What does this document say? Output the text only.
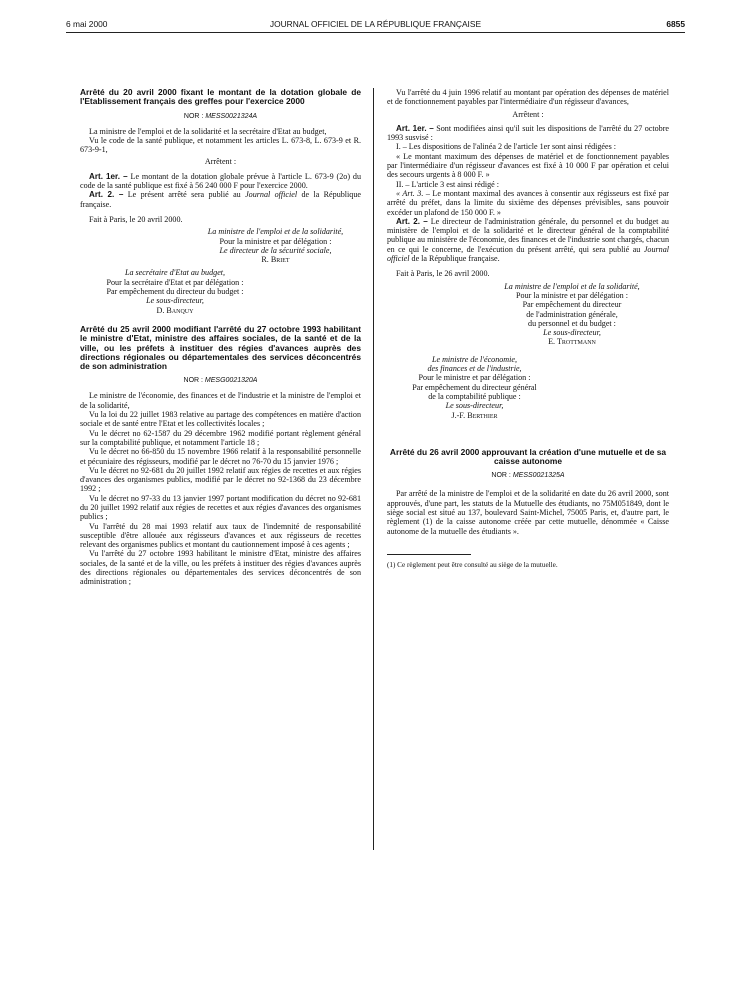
6 mai 2000	JOURNAL OFFICIEL DE LA RÉPUBLIQUE FRANÇAISE	6855
Arrêté du 20 avril 2000 fixant le montant de la dotation globale de l'Etablissement français des greffes pour l'exercice 2000
NOR : MESS0021324A

La ministre de l'emploi et de la solidarité et la secrétaire d'Etat au budget,

Vu le code de la santé publique, et notamment les articles L. 673-8, L. 673-9 et R. 673-9-1,

Arrêtent :

Art. 1er. – Le montant de la dotation globale prévue à l'article L. 673-9 (2o) du code de la santé publique est fixé à 56 240 000 F pour l'exercice 2000.

Art. 2. – Le présent arrêté sera publié au Journal officiel de la République française.

Fait à Paris, le 20 avril 2000.

La ministre de l'emploi et de la solidarité,
Pour la ministre et par délégation :
Le directeur de la sécurité sociale,
R. Briet
La secrétaire d'Etat au budget,
Pour la secrétaire d'Etat et par délégation :
Par empêchement du directeur du budget :
Le sous-directeur,
D. Banquy
Arrêté du 25 avril 2000 modifiant l'arrêté du 27 octobre 1993 habilitant le ministre d'Etat, ministre des affaires sociales, de la santé et de la ville, ou les préfets à instituer des régies d'avances auprès des directions régionales ou départementales des services déconcentrés de son administration
NOR : MESG0021320A

Le ministre de l'économie, des finances et de l'industrie et la ministre de l'emploi et de la solidarité,

Vu la loi du 22 juillet 1983 relative au partage des compétences en matière d'action sociale et de santé entre l'Etat et les collectivités locales ;

Vu le décret no 62-1587 du 29 décembre 1962 modifié portant règlement général sur la comptabilité publique, et notamment l'article 18 ;

Vu le décret no 66-850 du 15 novembre 1966 relatif à la responsabilité personnelle et pécuniaire des régisseurs, modifié par le décret no 76-70 du 15 janvier 1976 ;

Vu le décret no 92-681 du 20 juillet 1992 relatif aux régies de recettes et aux régies d'avances des organismes publics, modifié par le décret no 92-1368 du 23 décembre 1992 ;

Vu le décret no 97-33 du 13 janvier 1997 portant modification du décret no 92-681 du 20 juillet 1992 relatif aux régies de recettes et aux régies d'avances des organismes publics ;

Vu l'arrêté du 28 mai 1993 relatif aux taux de l'indemnité de responsabilité susceptible d'être allouée aux régisseurs d'avances et aux régisseurs de recettes relevant des organismes publics et montant du cautionnement imposé à ces agents ;

Vu l'arrêté du 27 octobre 1993 habilitant le ministre d'Etat, ministre des affaires sociales, de la santé et de la ville, ou les préfets à instituer des régies d'avances auprès des directions régionales ou départementales des services déconcentrés de son administration ;

Vu l'arrêté du 4 juin 1996 relatif au montant par opération des dépenses de matériel et de fonctionnement payables par l'intermédiaire d'un régisseur d'avances,

Arrêtent :

Art. 1er. – Sont modifiées ainsi qu'il suit les dispositions de l'arrêté du 27 octobre 1993 susvisé :

I. – Les dispositions de l'alinéa 2 de l'article 1er sont ainsi rédigées :

« Le montant maximum des dépenses de matériel et de fonctionnement payables par l'intermédiaire d'un régisseur d'avances est fixé à 10 000 F par opération et celui des secours urgents à 8 000 F. »

II. – L'article 3 est ainsi rédigé :

« Art. 3. – Le montant maximal des avances à consentir aux régisseurs est fixé par arrêté du préfet, dans la limite du sixième des dépenses prévisibles, sans pouvoir excéder un plafond de 150 000 F. »

Art. 2. – Le directeur de l'administration générale, du personnel et du budget au ministère de l'emploi et de la solidarité et le directeur général de la comptabilité publique au ministère de l'économie, des finances et de l'industrie sont chargés, chacun en ce qui le concerne, de l'exécution du présent arrêté, qui sera publié au Journal officiel de la République française.

Fait à Paris, le 26 avril 2000.

La ministre de l'emploi et de la solidarité,
Pour la ministre et par délégation :
Par empêchement du directeur
de l'administration générale,
du personnel et du budget :
Le sous-directeur,
E. Trottmann
Le ministre de l'économie,
des finances et de l'industrie,
Pour le ministre et par délégation :
Par empêchement du directeur général
de la comptabilité publique :
Le sous-directeur,
J.-F. Berthier
Arrêté du 26 avril 2000 approuvant la création d'une mutuelle et de sa caisse autonome
NOR : MESS0021325A

Par arrêté de la ministre de l'emploi et de la solidarité en date du 26 avril 2000, sont approuvés, d'une part, les statuts de la Mutuelle des étudiants, no 75M051849, dont le siège social est situé au 137, boulevard Saint-Michel, 75005 Paris, et, d'autre part, le règlement (1) de la caisse autonome créée par cette mutuelle, dénommée « Caisse autonome de la mutuelle des étudiants ».

(1) Ce règlement peut être consulté au siège de la mutuelle.
